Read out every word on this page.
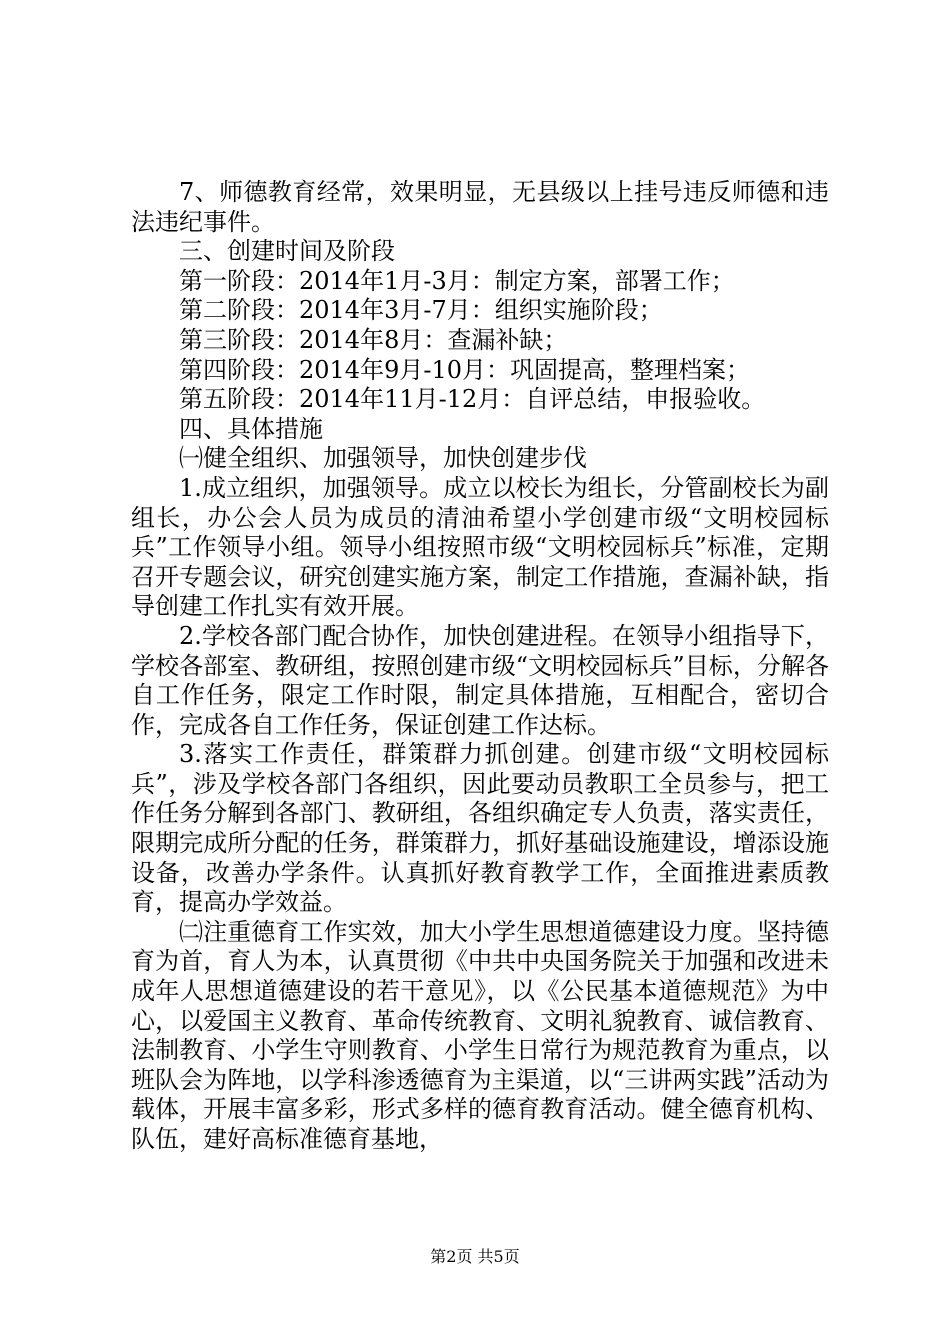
7、师德教育经常，效果明显，无县级以上挂号违反师德和违法违纪事件。

三、创建时间及阶段

第一阶段：2014年1月-3月：制定方案，部署工作；

第二阶段：2014年3月-7月：组织实施阶段；

第三阶段：2014年8月：查漏补缺；

第四阶段：2014年9月-10月：巩固提高，整理档案；

第五阶段：2014年11月-12月：自评总结，申报验收。

四、具体措施

㈠健全组织、加强领导，加快创建步伐

1.成立组织，加强领导。成立以校长为组长，分管副校长为副组长，办公会人员为成员的清油希望小学创建市级“文明校园标兵”工作领导小组。领导小组按照市级“文明校园标兵”标准，定期召开专题会议，研究创建实施方案，制定工作措施，查漏补缺，指导创建工作扎实有效开展。

2.学校各部门配合协作，加快创建进程。在领导小组指导下，学校各部室、教研组，按照创建市级“文明校园标兵”目标，分解各自工作任务，限定工作时限，制定具体措施，互相配合，密切合作，完成各自工作任务，保证创建工作达标。

3.落实工作责任，群策群力抓创建。创建市级“文明校园标兵”，涉及学校各部门各组织，因此要动员教职工全员参与，把工作任务分解到各部门、教研组，各组织确定专人负责，落实责任，限期完成所分配的任务，群策群力，抓好基础设施建设，增添设施设备，改善办学条件。认真抓好教育教学工作，全面推进素质教育，提高办学效益。

㈡注重德育工作实效，加大小学生思想道德建设力度。坚持德育为首，育人为本，认真贯彻《中共中央国务院关于加强和改进未成年人思想道德建设的若干意见》，以《公民基本道德规范》为中心，以爱国主义教育、革命传统教育、文明礼貌教育、诚信教育、法制教育、小学生守则教育、小学生日常行为规范教育为重点，以班队会为阵地，以学科渗透德育为主渠道，以“三讲两实践”活动为载体，开展丰富多彩，形式多样的德育教育活动。健全德育机构、队伍，建好高标准德育基地，

第2页 共5页
